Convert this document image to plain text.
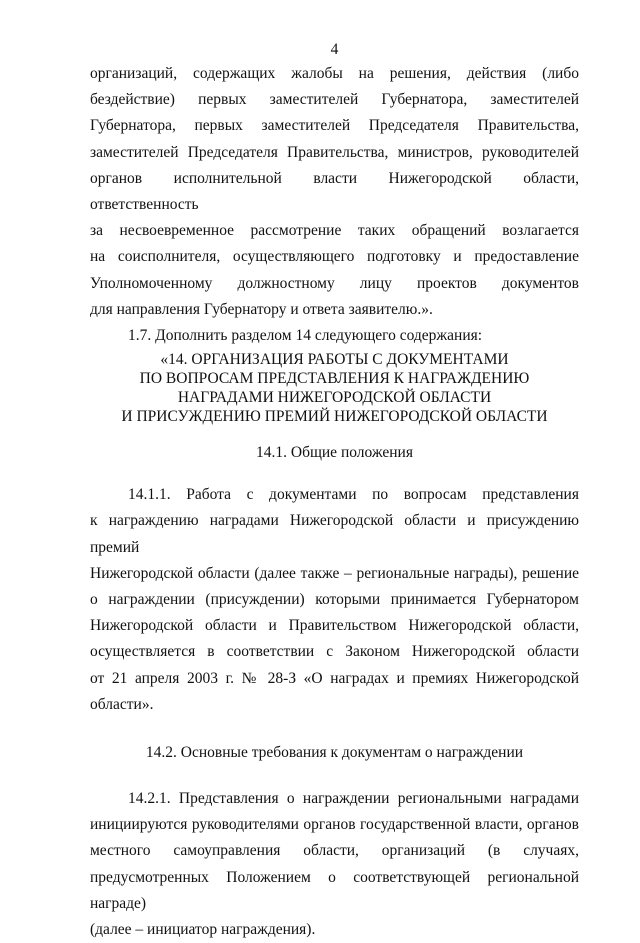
4
организаций, содержащих жалобы на решения, действия (либо
бездействие) первых заместителей Губернатора, заместителей
Губернатора, первых заместителей Председателя Правительства,
заместителей Председателя Правительства, министров, руководителей
органов исполнительной власти Нижегородской области, ответственность
за несвоевременное рассмотрение таких обращений возлагается
на соисполнителя, осуществляющего подготовку и предоставление
Уполномоченному должностному лицу проектов документов
для направления Губернатору и ответа заявителю.».
1.7. Дополнить разделом 14 следующего содержания:
«14. ОРГАНИЗАЦИЯ РАБОТЫ С ДОКУМЕНТАМИ
ПО ВОПРОСАМ ПРЕДСТАВЛЕНИЯ К НАГРАЖДЕНИЮ
НАГРАДАМИ НИЖЕГОРОДСКОЙ ОБЛАСТИ
И ПРИСУЖДЕНИЮ ПРЕМИЙ НИЖЕГОРОДСКОЙ ОБЛАСТИ
14.1. Общие положения
14.1.1. Работа с документами по вопросам представления
к награждению наградами Нижегородской области и присуждению премий
Нижегородской области (далее также – региональные награды), решение
о награждении (присуждении) которыми принимается Губернатором
Нижегородской области и Правительством Нижегородской области,
осуществляется в соответствии с Законом Нижегородской области
от 21 апреля 2003 г. № 28-З «О наградах и премиях Нижегородской
области».
14.2. Основные требования к документам о награждении
14.2.1. Представления о награждении региональными наградами
инициируются руководителями органов государственной власти, органов
местного самоуправления области, организаций (в случаях,
предусмотренных Положением о соответствующей региональной награде)
(далее – инициатор награждения).
